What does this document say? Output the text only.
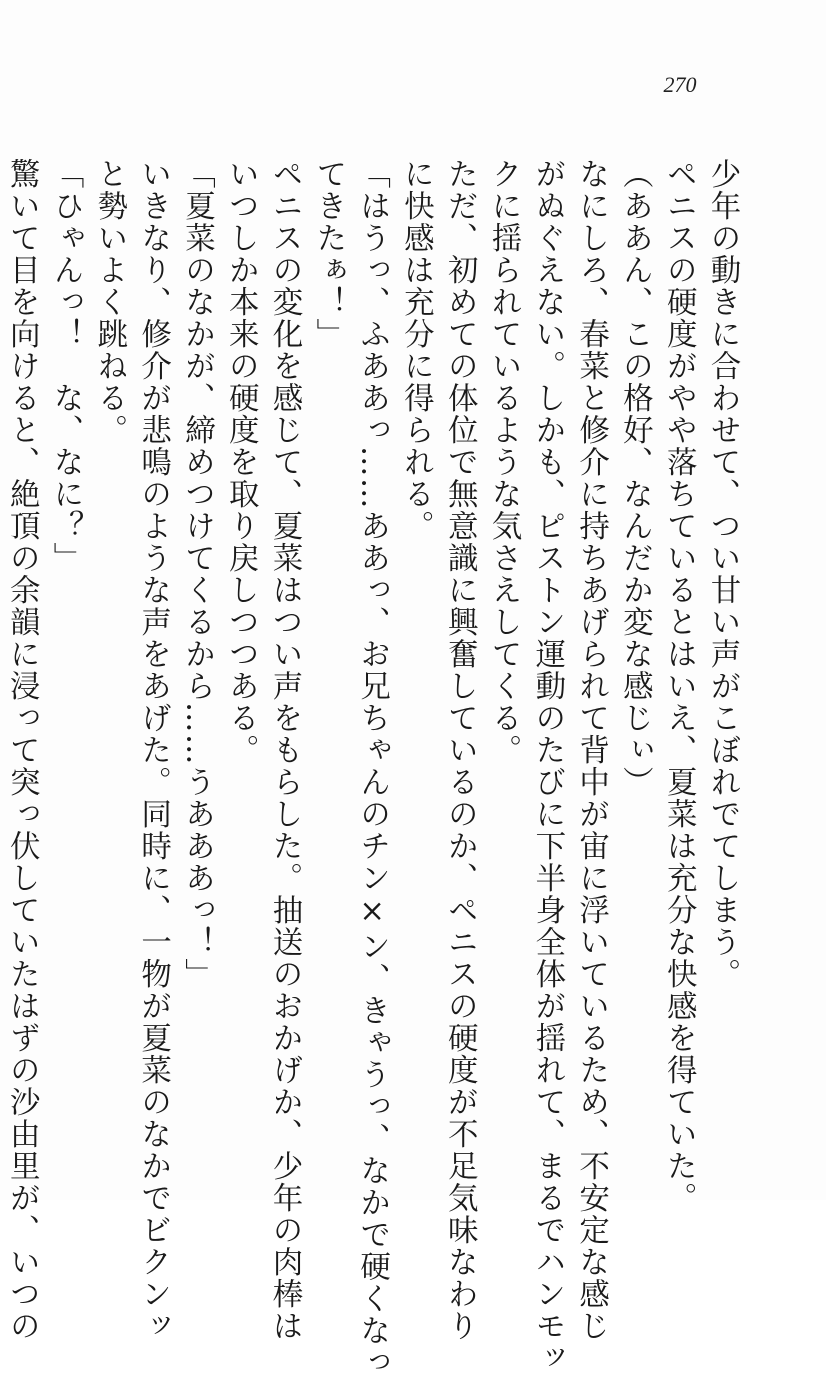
270
少年の動きに合わせて、つい甘い声がこぼれでてしまう。
ペニスの硬度がやや落ちているとはいえ、夏菜は充分な快感を得ていた。
（ああん、この格好、なんだか変な感じぃ）
なにしろ、春菜と修介に持ちあげられて背中が宙に浮いているため、不安定な感じ
がぬぐえない。しかも、ピストン運動のたびに下半身全体が揺れて、まるでハンモッ
クに揺られているような気さえしてくる。
ただ、初めての体位で無意識に興奮しているのか、ペニスの硬度が不足気味なわり
に快感は充分に得られる。
「はうっ、ふああっ……ああっ、お兄ちゃんのチン×ン、きゃうっ、なかで硬くなっ
てきたぁ！」
ペニスの変化を感じて、夏菜はつい声をもらした。抽送のおかげか、少年の肉棒は
いつしか本来の硬度を取り戻しつつある。
「夏菜のなかが、締めつけてくるから……うあああっ！」
いきなり、修介が悲鳴のような声をあげた。同時に、一物が夏菜のなかでビクンッ
と勢いよく跳ねる。
「ひゃんっ！　な、なに？」
驚いて目を向けると、絶頂の余韻に浸って突っ伏していたはずの沙由里が、いつの
